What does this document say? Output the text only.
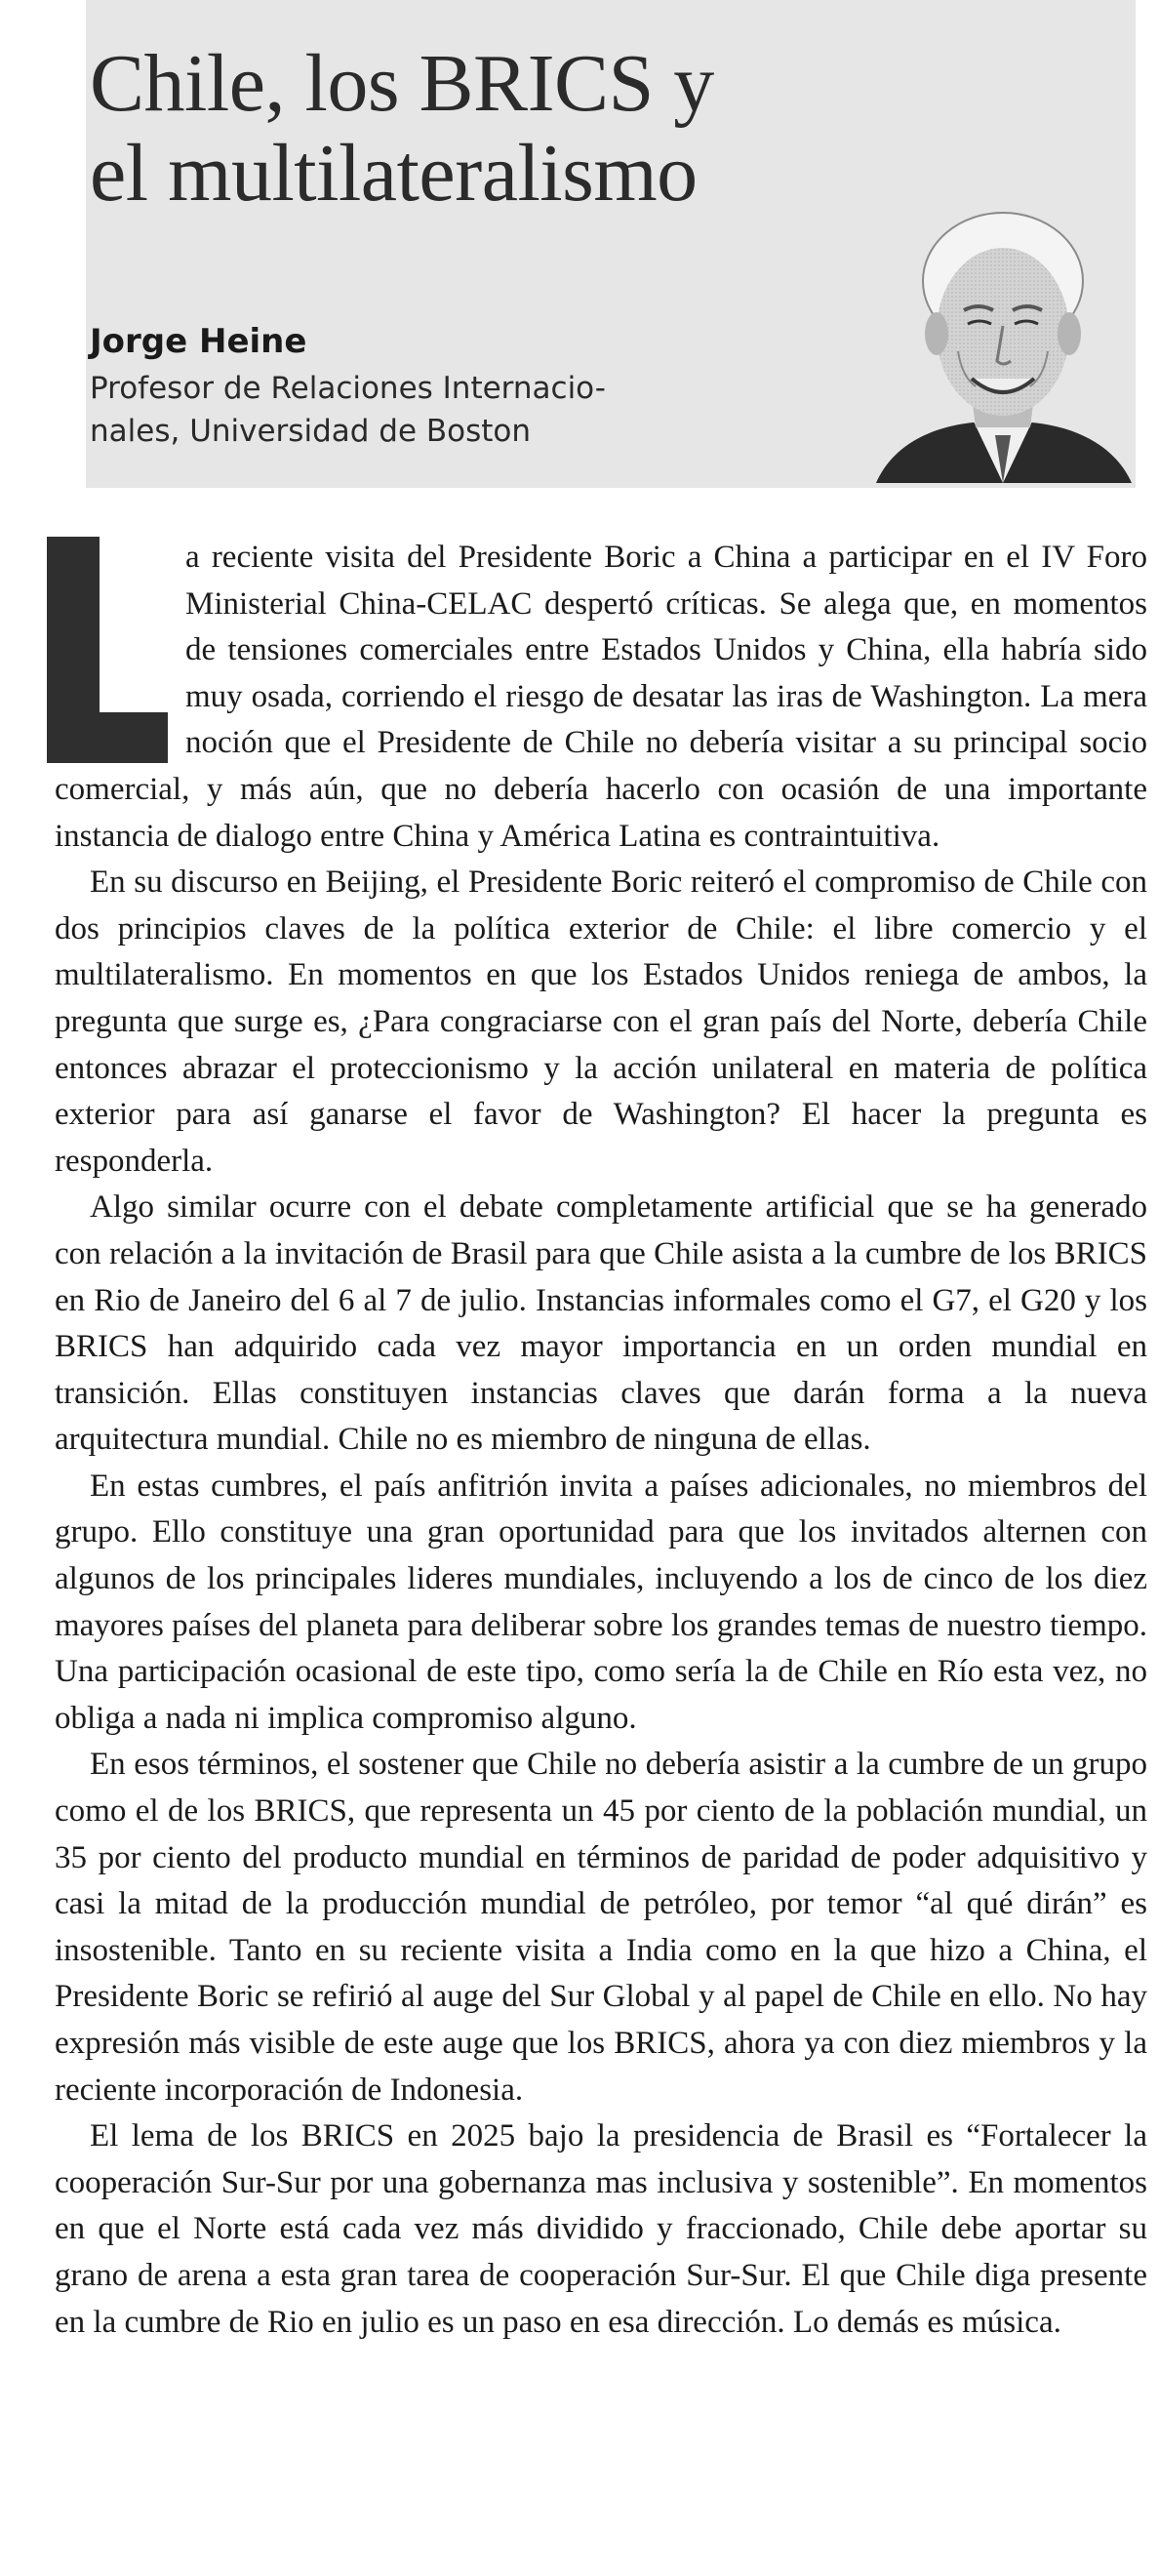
Chile, los BRICS y
el multilateralismo

Jorge Heine

Profesor de Relaciones Internacio-
nales, Universidad de Boston

a reciente visita del Presidente Boric a China a participar en el IV Foro Ministerial China-CELAC despertó críticas. Se alega que, en momentos de tensiones comerciales entre Estados Unidos y China, ella habría sido muy osada, corriendo el riesgo de desatar las iras de Washington. La mera noción que el Presidente de Chile no debería visitar a su principal socio comercial, y más aún, que no debería hacerlo con ocasión de una importante instancia de dialogo entre China y América Latina es contraintuitiva.

En su discurso en Beijing, el Presidente Boric reiteró el compromiso de Chile con dos principios claves de la política exterior de Chile: el libre comercio y el multilateralismo. En momentos en que los Estados Unidos reniega de ambos, la pregunta que surge es, ¿Para congraciarse con el gran país del Norte, debería Chile entonces abrazar el proteccionismo y la acción unilateral en materia de política exterior para así ganarse el favor de Washington? El hacer la pregunta es responderla.

Algo similar ocurre con el debate completamente artificial que se ha generado con relación a la invitación de Brasil para que Chile asista a la cumbre de los BRICS en Rio de Janeiro del 6 al 7 de julio. Instancias informales como el G7, el G20 y los BRICS han adquirido cada vez mayor importancia en un orden mundial en transición. Ellas constituyen instancias claves que darán forma a la nueva arquitectura mundial. Chile no es miembro de ninguna de ellas.

En estas cumbres, el país anfitrión invita a países adicionales, no miembros del grupo. Ello constituye una gran oportunidad para que los invitados alternen con algunos de los principales lideres mundiales, incluyendo a los de cinco de los diez mayores países del planeta para deliberar sobre los grandes temas de nuestro tiempo. Una participación ocasional de este tipo, como sería la de Chile en Río esta vez, no obliga a nada ni implica compromiso alguno.

En esos términos, el sostener que Chile no debería asistir a la cumbre de un grupo como el de los BRICS, que representa un 45 por ciento de la población mundial, un 35 por ciento del producto mundial en términos de paridad de poder adquisitivo y casi la mitad de la producción mundial de petróleo, por temor “al qué dirán” es insostenible. Tanto en su reciente visita a India como en la que hizo a China, el Presidente Boric se refirió al auge del Sur Global y al papel de Chile en ello. No hay expresión más visible de este auge que los BRICS, ahora ya con diez miembros y la reciente incorporación de Indonesia.

El lema de los BRICS en 2025 bajo la presidencia de Brasil es “Fortalecer la cooperación Sur-Sur por una gobernanza mas inclusiva y sostenible”. En momentos en que el Norte está cada vez más dividido y fraccionado, Chile debe aportar su grano de arena a esta gran tarea de cooperación Sur-Sur. El que Chile diga presente en la cumbre de Rio en julio es un paso en esa dirección. Lo demás es música.
